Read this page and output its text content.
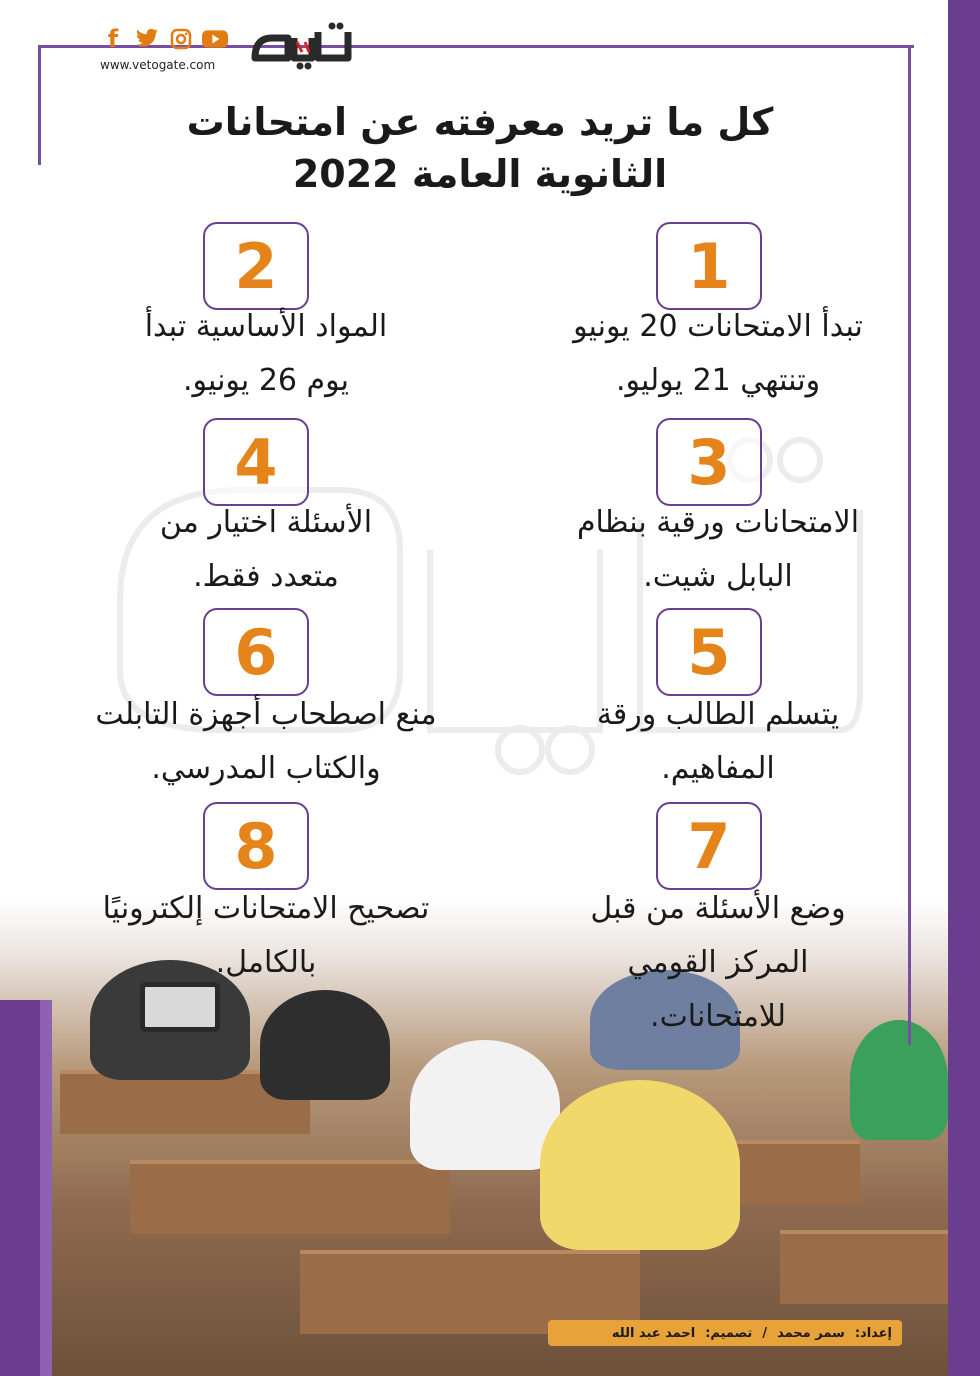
f
www.vetogate.com
كل ما تريد معرفته عن امتحانات
الثانوية العامة 2022
1
تبدأ الامتحانات 20 يونيو
وتنتهي 21 يوليو.
2
المواد الأساسية تبدأ
يوم 26 يونيو.
3
الامتحانات ورقية بنظام
البابل شيت.
4
الأسئلة اختيار من
متعدد فقط.
5
يتسلم الطالب ورقة
المفاهيم.
6
منع اصطحاب أجهزة التابلت
والكتاب المدرسي.
7
وضع الأسئلة من قبل
المركز القومي
للامتحانات.
8
تصحيح الامتحانات إلكترونيًا
بالكامل.
إعداد:
سمر محمد
/
تصميم:
احمد عبد الله
